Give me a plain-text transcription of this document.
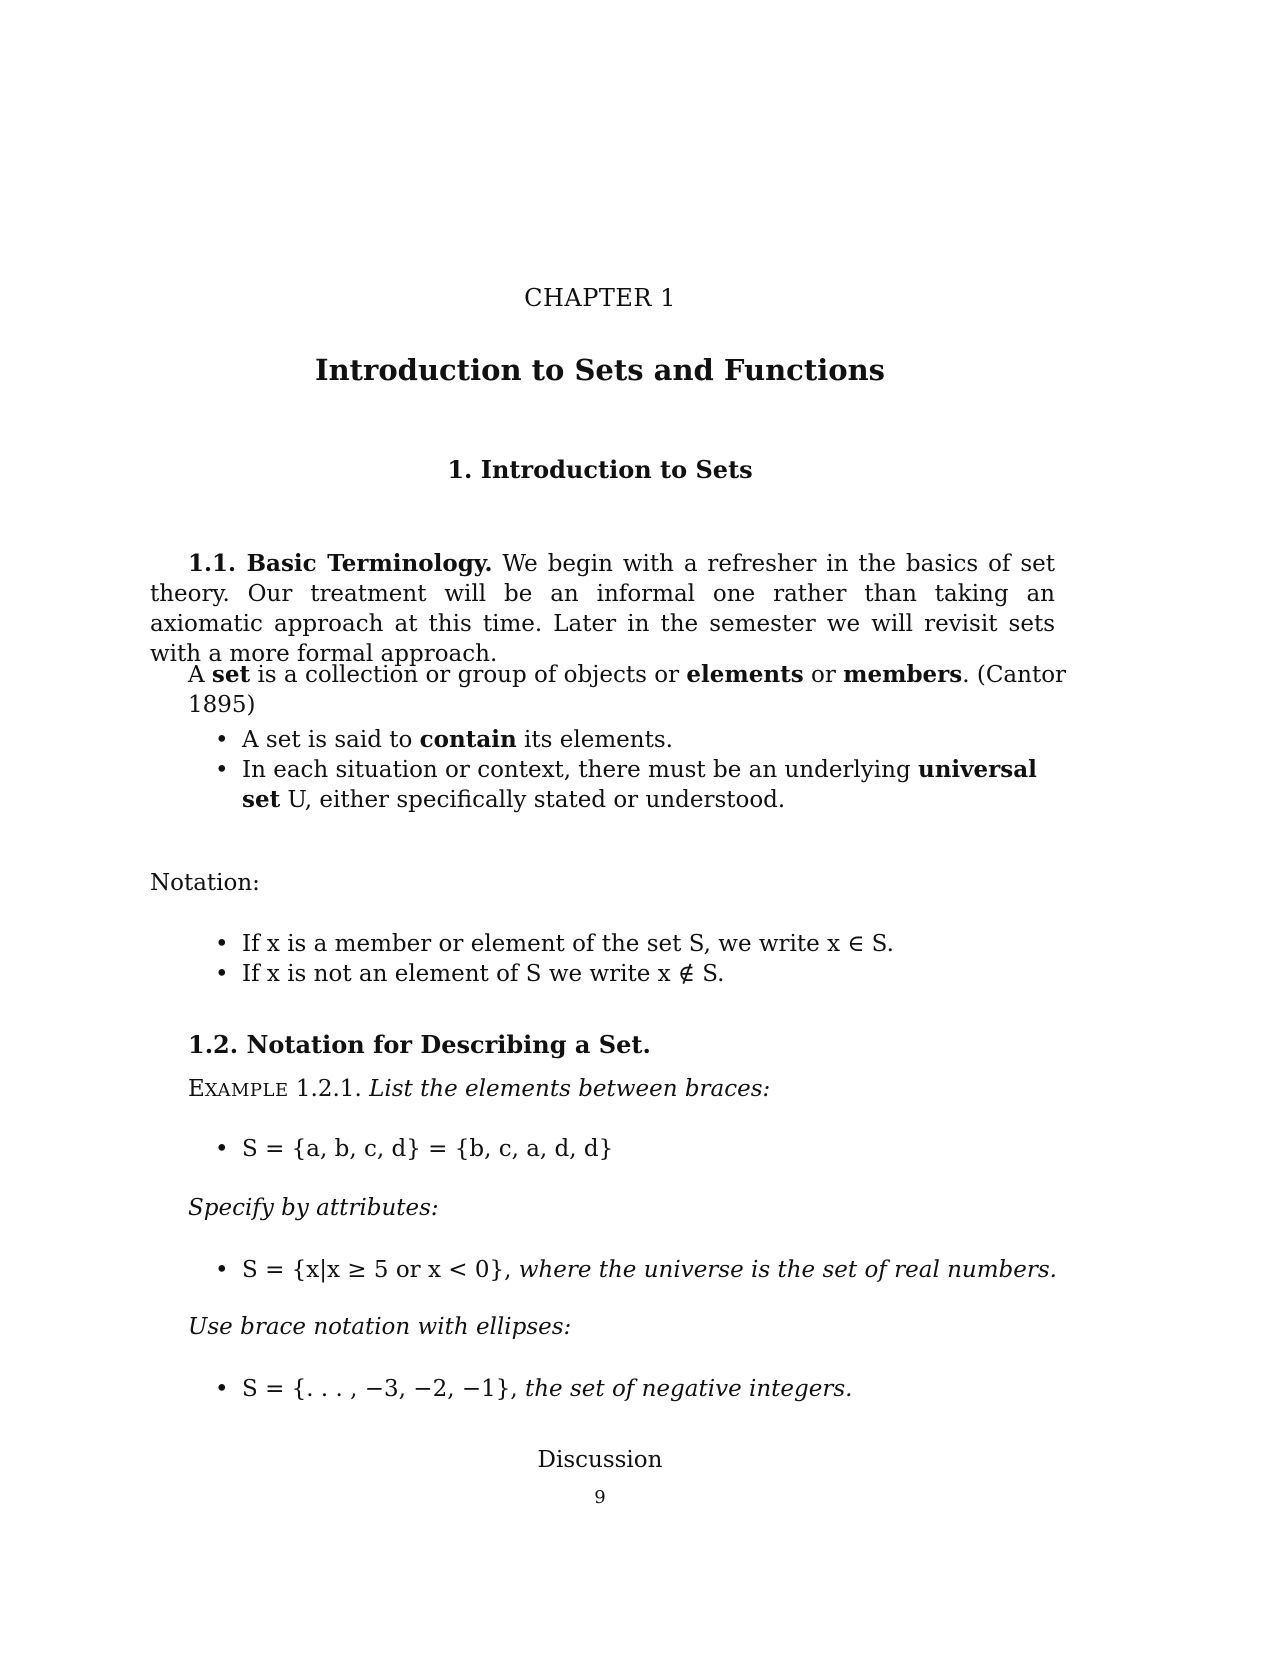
CHAPTER 1
Introduction to Sets and Functions
1. Introduction to Sets
1.1. Basic Terminology. We begin with a refresher in the basics of set theory. Our treatment will be an informal one rather than taking an axiomatic approach at this time. Later in the semester we will revisit sets with a more formal approach.
A set is a collection or group of objects or elements or members. (Cantor 1895)
• A set is said to contain its elements.
• In each situation or context, there must be an underlying universal set U, either specifically stated or understood.
Notation:
• If x is a member or element of the set S, we write x ∈ S.
• If x is not an element of S we write x ∉ S.
1.2. Notation for Describing a Set.
EXAMPLE 1.2.1. List the elements between braces:
• S = {a, b, c, d} = {b, c, a, d, d}
Specify by attributes:
• S = {x|x ≥ 5 or x < 0}, where the universe is the set of real numbers.
Use brace notation with ellipses:
• S = {. . . , −3, −2, −1}, the set of negative integers.
Discussion
9
